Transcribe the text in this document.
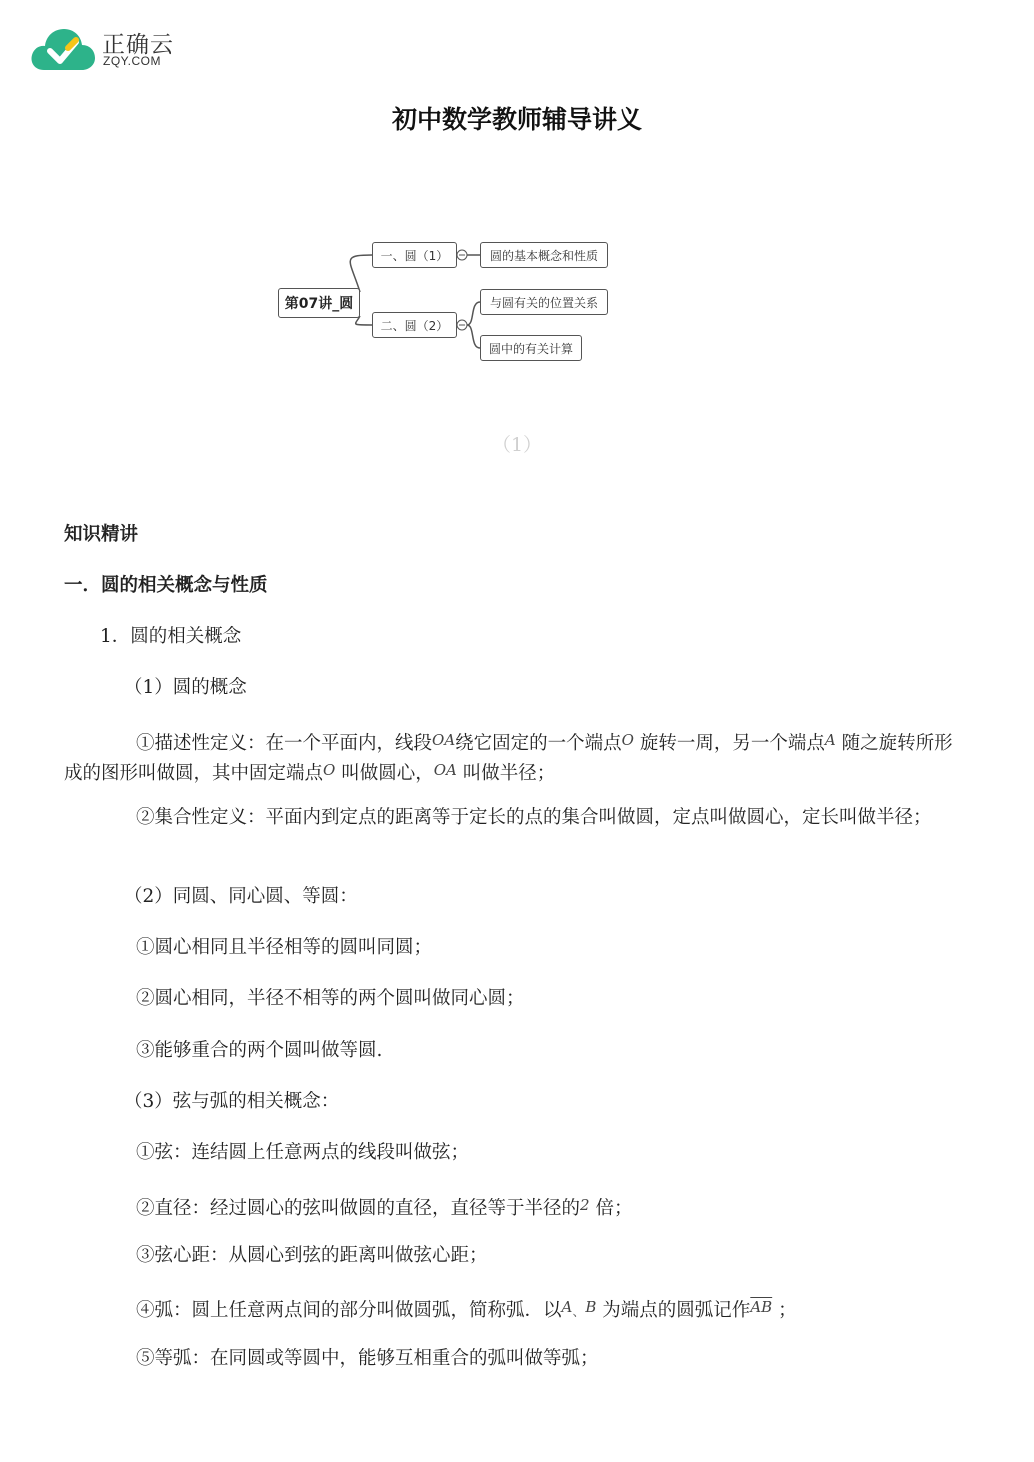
正确云
ZQY.COM
初中数学教师辅导讲义
第07讲_圆
一、圆（1）
二、圆（2）
圆的基本概念和性质
与圆有关的位置关系
圆中的有关计算
（1）
知识精讲
一．圆的相关概念与性质
1．圆的相关概念
（1）圆的概念
①描述性定义：在一个平面内，线段$^{OA}$绕它固定的一个端点$^O$ 旋转一周，另一个端点$^A$ 随之旋转所形成的图形叫做圆，其中固定端点$^O$ 叫做圆心，$^{OA}$ 叫做半径；
②集合性定义：平面内到定点的距离等于定长的点的集合叫做圆，定点叫做圆心，定长叫做半径；
（2）同圆、同心圆、等圆：
①圆心相同且半径相等的圆叫同圆；
②圆心相同，半径不相等的两个圆叫做同心圆；
③能够重合的两个圆叫做等圆.
（3）弦与弧的相关概念：
①弦：连结圆上任意两点的线段叫做弦；
②直径：经过圆心的弦叫做圆的直径，直径等于半径的$^2$ 倍；
③弦心距：从圆心到弦的距离叫做弦心距；
④弧：圆上任意两点间的部分叫做圆弧，简称弧．以$^A$、$^B$ 为端点的圆弧记作$^{\overline{AB}}$ ；
⑤等弧：在同圆或等圆中，能够互相重合的弧叫做等弧；
